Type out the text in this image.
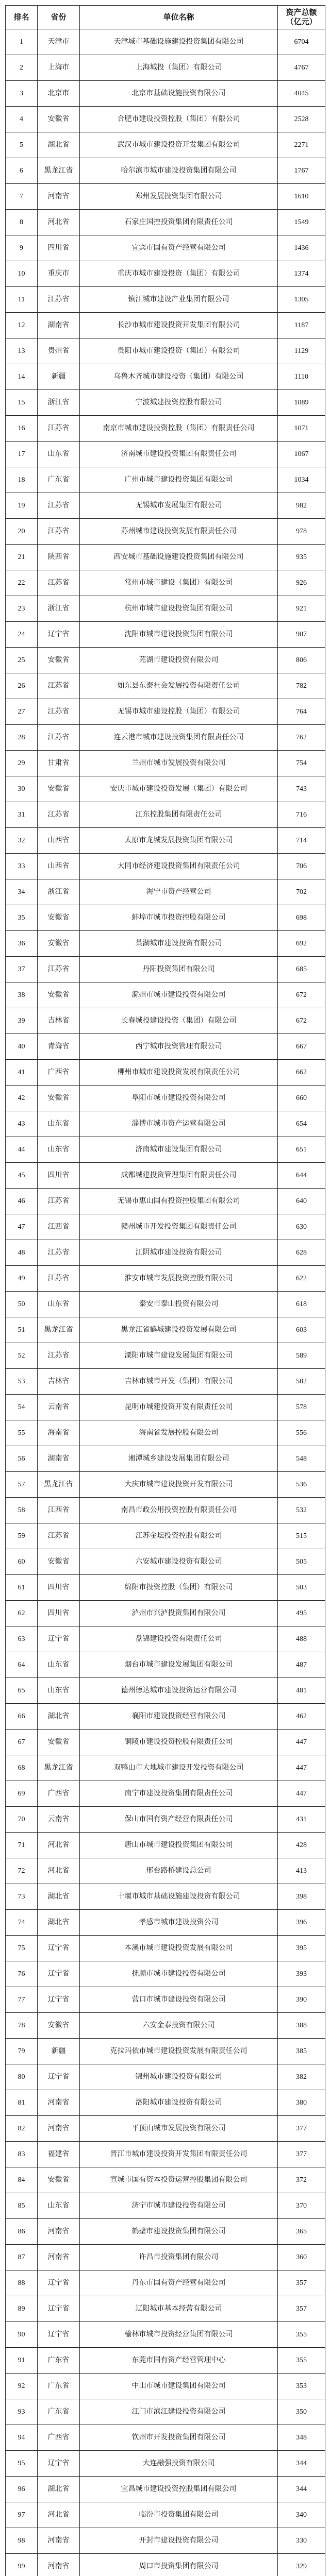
排名	省份	单位名称	资产总额（亿元）
1	天津市	天津城市基础设施建设投资集团有限公司	6704
2	上海市	上海城投（集团）有限公司	4767
3	北京市	北京市基础设施投资有限公司	4045
4	安徽省	合肥市建设投资控股（集团）有限公司	2528
5	湖北省	武汉市城市建设投资开发集团有限公司	2271
6	黑龙江省	哈尔滨市城市建设投资集团有限公司	1767
7	河南省	郑州发展投资集团有限公司	1610
8	河北省	石家庄国控投资集团有限责任公司	1549
9	四川省	宜宾市国有资产经营有限公司	1436
10	重庆市	重庆市城市建设投资（集团）有限公司	1374
11	江苏省	镇江城市建设产业集团有限公司	1305
12	湖南省	长沙市城市建设投资开发集团有限公司	1187
13	贵州省	贵阳市城市建设投资（集团）有限公司	1129
14	新疆	乌鲁木齐城市建设投资（集团）有限公司	1110
15	浙江省	宁波城建投资控股有限公司	1089
16	江苏省	南京市城市建设投资控股（集团）有限责任公司	1071
17	山东省	济南城市建设投资集团有限责任公司	1067
18	广东省	广州市城市建设投资集团有限公司	1034
19	江苏省	无锡城市发展集团有限公司	982
20	江苏省	苏州城市建设投资发展有限责任公司	978
21	陕西省	西安城市基础设施建设投资集团有限公司	935
22	江苏省	常州市城市建设（集团）有限公司	926
23	浙江省	杭州市城市建设投资集团有限公司	921
24	辽宁省	沈阳市城市建设投资集团有限公司	907
25	安徽省	芜湖市建设投资有限公司	806
26	江苏省	如东县东泰社会发展投资有限责任公司	782
27	江苏省	无锡市城市建设控股（集团）有限公司	764
28	江苏省	连云港市城市建设投资集团有限责任公司	762
29	甘肃省	兰州市城市发展投资有限公司	754
30	安徽省	安庆市城市建设投资发展（集团）有限公司	743
31	江苏省	江东控股集团有限责任公司	716
32	山西省	太原市龙城发展投资集团有限公司	714
33	山西省	大同市经济建设投资集团有限责任公司	706
34	浙江省	海宁市资产经营公司	702
35	安徽省	蚌埠市城市投资控股有限公司	698
36	安徽省	巢湖城市建设投资有限公司	692
37	江苏省	丹阳投资集团有限公司	685
38	安徽省	滁州市城市建设投资有限公司	672
39	吉林省	长春城投建设投资（集团）有限公司	672
40	青海省	西宁城市投资管理有限公司	667
41	广西省	柳州市城市建设投资发展有限责任公司	662
42	安徽省	阜阳市城市建设投资有限公司	660
43	山东省	淄博市城市资产运营有限公司	654
44	山东省	济南城市建设集团有限公司	651
45	四川省	成都城建投资管理集团有限责任公司	644
46	江苏省	无锡市惠山国有投资控股集团有限公司	640
47	江西省	赣州城市开发投资集团有限责任公司	630
48	江苏省	江阴城市建设投资有限公司	628
49	江苏省	淮安市城市发展投资控股有限公司	622
50	山东省	泰安市泰山投资有限公司	618
51	黑龙江省	黑龙江省鹤城建设投资发展有限公司	603
52	江苏省	溧阳市城市建设发展集团有限公司	589
53	吉林省	吉林市城市开发（集团）有限公司	582
54	云南省	昆明市城建投资开发有限责任公司	578
55	海南省	海南省发展控股有限公司	556
56	湖南省	湘潭城乡建设发展集团有限公司	548
57	黑龙江省	大庆市城市建设投资开发有限公司	536
58	江西省	南昌市政公用投资控股有限责任公司	532
59	江苏省	江苏金坛投资控股有限公司	515
60	安徽省	六安城市建设投资有限公司	505
61	四川省	绵阳市投资控股（集团）有限公司	503
62	四川省	泸州市兴泸投资集团有限公司	495
63	辽宁省	盘锦建设投资有限责任公司	488
64	山东省	烟台市城市建设发展集团有限公司	487
65	山东省	德州德达城市建设投资运营有限公司	481
66	湖北省	襄阳市建设投资经营有限公司	462
67	安徽省	铜陵市建设投资控股有限责任公司	447
68	黑龙江省	双鸭山市大地城市建设开发投资有限公司	447
69	广西省	南宁市建设投资集团有限责任公司	447
70	云南省	保山市国有资产经营有限责任公司	431
71	河北省	唐山市城市建设投资集团有限公司	428
72	河北省	邢台路桥建设总公司	413
73	湖北省	十堰市城市基础设施建设投资有限公司	398
74	湖北省	孝感市城市建设投资公司	396
75	辽宁省	本溪市城市建设投资发展有限公司	395
76	辽宁省	抚顺市城市建设投资有限公司	393
77	辽宁省	营口市城市建设投资有限公司	390
78	安徽省	六安金泰投资有限公司	388
79	新疆	克拉玛依市城市建设投资发展有限责任公司	385
80	辽宁省	锦州城市建设投资有限公司	382
81	河南省	洛阳城市建设投资有限公司	380
82	河南省	平顶山城市发展投资有限公司	377
83	福建省	晋江市城市建设投资开发集团有限责任公司	377
84	安徽省	宣城市国有资本投资运营控股集团有限公司	372
85	山东省	济宁市城市建设投资有限公司	370
86	河南省	鹤壁市建设投资集团有限公司	365
87	河南省	许昌市投资集团有限公司	360
88	辽宁省	丹东市国有资产经营有限公司	357
89	辽宁省	辽阳城市基本经营有限公司	357
90	辽宁省	榆林市城市投资经营集团有限公司	355
91	广东省	东莞市国有资产经营管理中心	355
92	广东省	中山市城市建设集团有限公司	353
93	广东省	江门市滨江建设投资有限公司	350
94	广西省	钦州市开发投资集团有限公司	348
95	辽宁省	大连融强投资有限公司	344
96	湖北省	宜昌城市建设投资控股集团有限公司	344
97	河北省	临汾市投资集团有限公司	340
98	河南省	开封市建设投资有限公司	330
99	河南省	周口市投资集团有限公司	329
